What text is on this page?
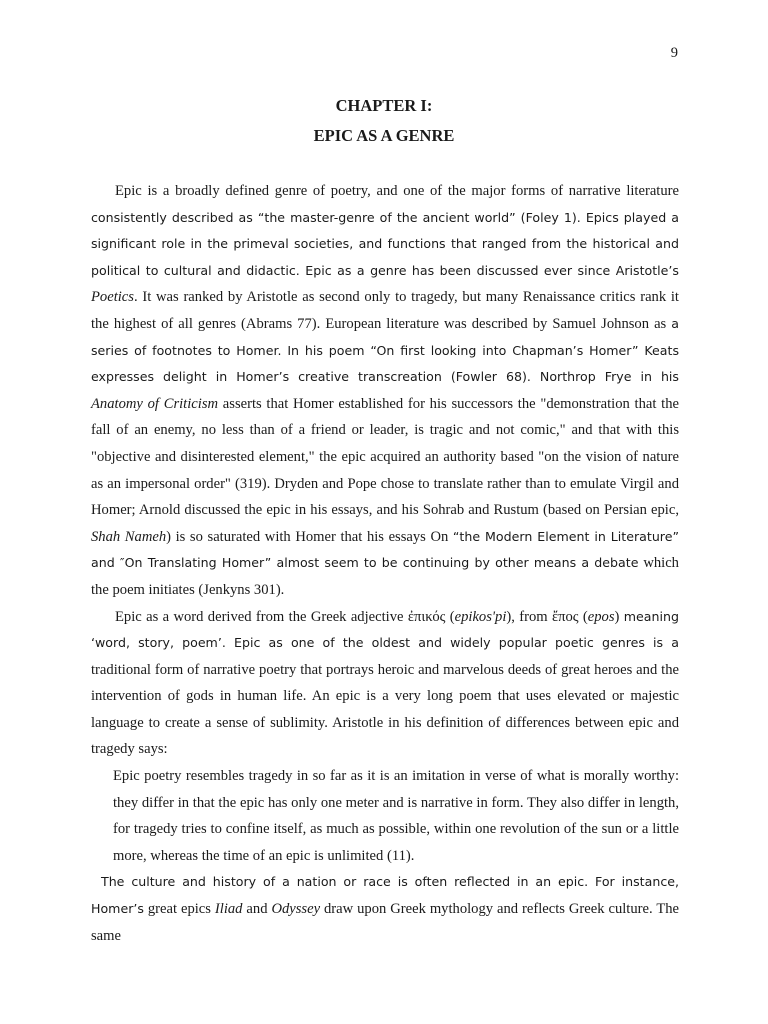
9
CHAPTER I:
EPIC AS A GENRE

Epic is a broadly defined genre of poetry, and one of the major forms of narrative literature consistently described as “the master-genre of the ancient world” (Foley 1). Epics played a significant role in the primeval societies, and functions that ranged from the historical and political to cultural and didactic. Epic as a genre has been discussed ever since Aristotle’s Poetics. It was ranked by Aristotle as second only to tragedy, but many Renaissance critics rank it the highest of all genres (Abrams 77). European literature was described by Samuel Johnson as a series of footnotes to Homer. In his poem “On first looking into Chapman’s Homer” Keats expresses delight in Homer’s creative transcreation (Fowler 68). Northrop Frye in his Anatomy of Criticism asserts that Homer established for his successors the "demonstration that the fall of an enemy, no less than of a friend or leader, is tragic and not comic," and that with this "objective and disinterested element," the epic acquired an authority based "on the vision of nature as an impersonal order" (319). Dryden and Pope chose to translate rather than to emulate Virgil and Homer; Arnold discussed the epic in his essays, and his Sohrab and Rustum (based on Persian epic, Shah Nameh) is so saturated with Homer that his essays On “the Modern Element in Literature” and ″On Translating Homer” almost seem to be continuing by other means a debate which the poem initiates (Jenkyns 301).

Epic as a word derived from the Greek adjective ἐπικός (epikos'pi), from ἔπος (epos) meaning ‘word, story, poem’. Epic as one of the oldest and widely popular poetic genres is a traditional form of narrative poetry that portrays heroic and marvelous deeds of great heroes and the intervention of gods in human life. An epic is a very long poem that uses elevated or majestic language to create a sense of sublimity. Aristotle in his definition of differences between epic and tragedy says:

Epic poetry resembles tragedy in so far as it is an imitation in verse of what is morally worthy: they differ in that the epic has only one meter and is narrative in form. They also differ in length, for tragedy tries to confine itself, as much as possible, within one revolution of the sun or a little more, whereas the time of an epic is unlimited (11).

The culture and history of a nation or race is often reflected in an epic. For instance, Homer’s great epics Iliad and Odyssey draw upon Greek mythology and reflects Greek culture. The same
